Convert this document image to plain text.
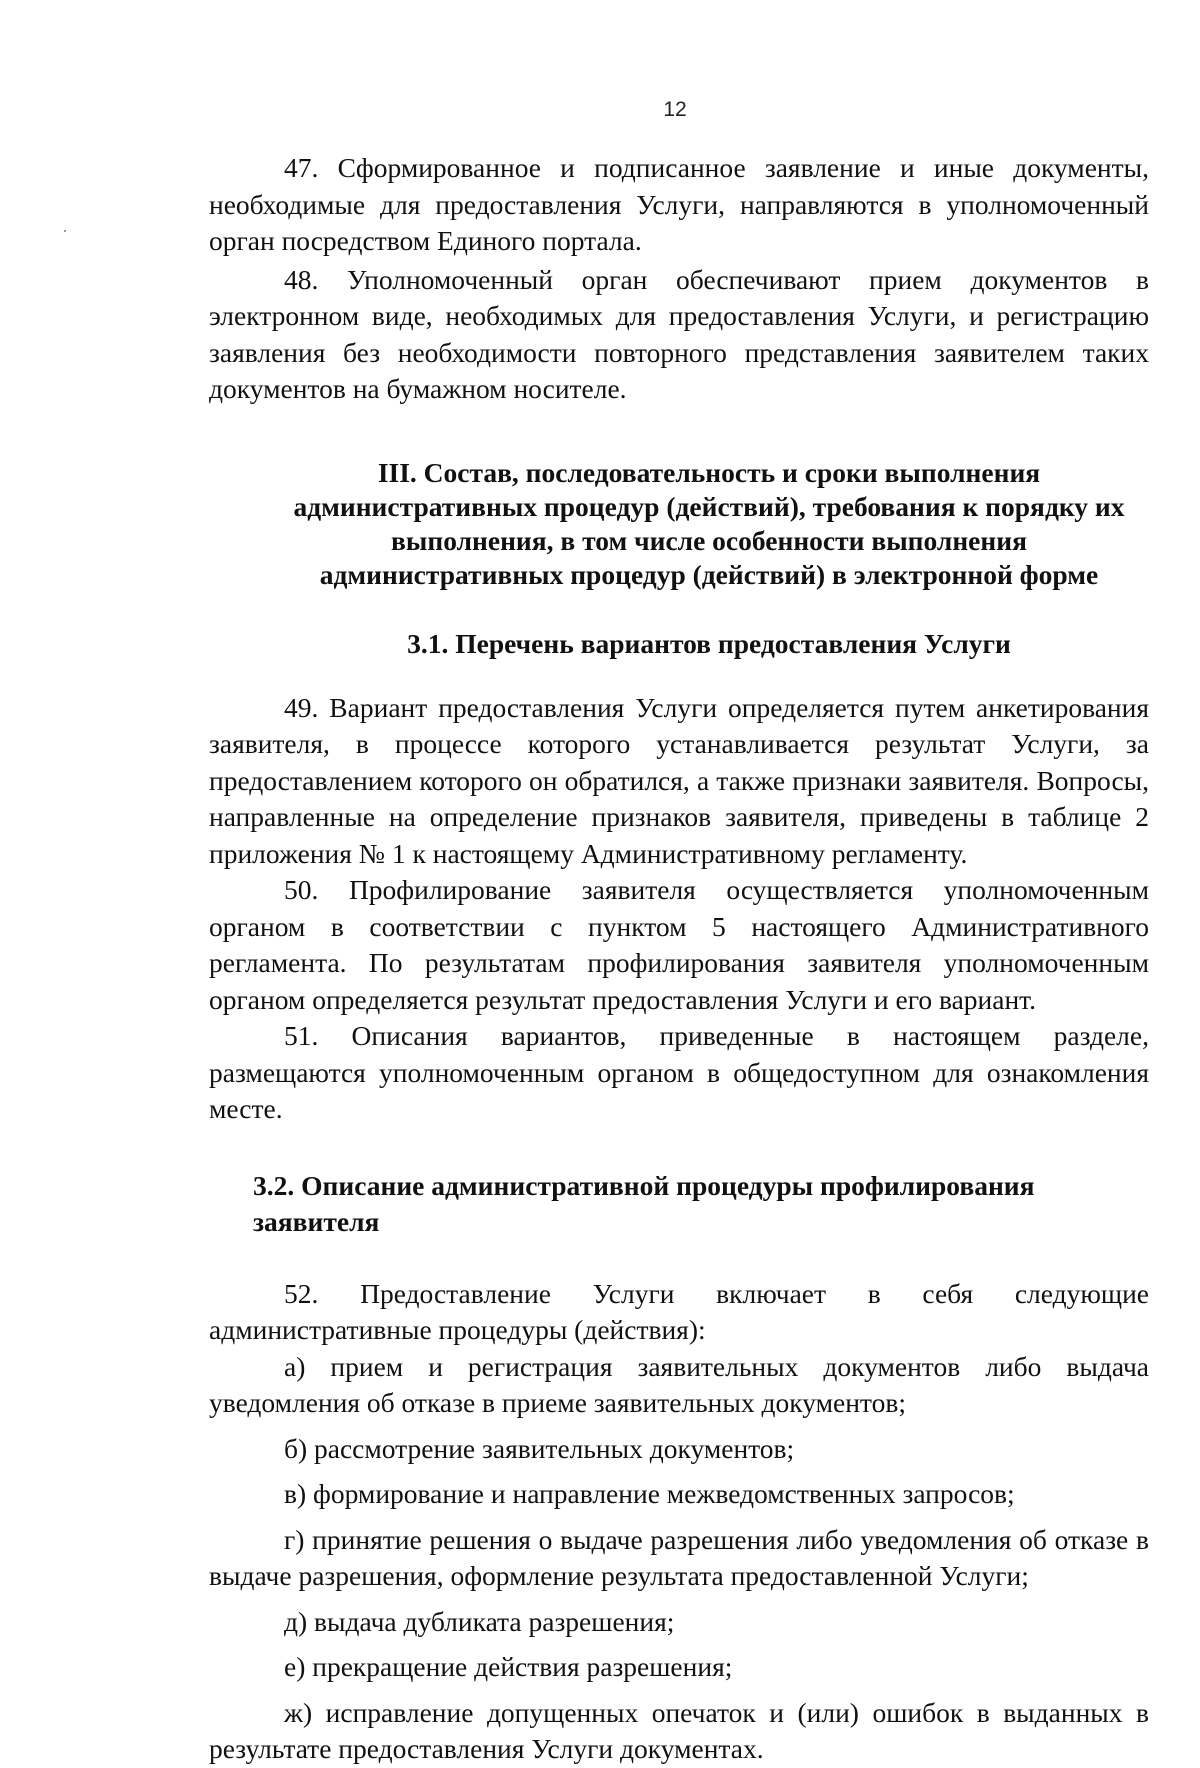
12

47. Сформированное и подписанное заявление и иные документы, необходимые для предоставления Услуги, направляются в уполномоченный орган посредством Единого портала.

48. Уполномоченный орган обеспечивают прием документов в электронном виде, необходимых для предоставления Услуги, и регистрацию заявления без необходимости повторного представления заявителем таких документов на бумажном носителе.

III. Состав, последовательность и сроки выполнения административных процедур (действий), требования к порядку их выполнения, в том числе особенности выполнения административных процедур (действий) в электронной форме
3.1. Перечень вариантов предоставления Услуги

49. Вариант предоставления Услуги определяется путем анкетирования заявителя, в процессе которого устанавливается результат Услуги, за предоставлением которого он обратился, а также признаки заявителя. Вопросы, направленные на определение признаков заявителя, приведены в таблице 2 приложения № 1 к настоящему Административному регламенту.

50. Профилирование заявителя осуществляется уполномоченным органом в соответствии с пунктом 5 настоящего Административного регламента. По результатам профилирования заявителя уполномоченным органом определяется результат предоставления Услуги и его вариант.

51. Описания вариантов, приведенные в настоящем разделе, размещаются уполномоченным органом в общедоступном для ознакомления месте.

3.2. Описание административной процедуры профилирования заявителя

52. Предоставление Услуги включает в себя следующие административные процедуры (действия):

а) прием и регистрация заявительных документов либо выдача уведомления об отказе в приеме заявительных документов;

б) рассмотрение заявительных документов;

в) формирование и направление межведомственных запросов;

г) принятие решения о выдаче разрешения либо уведомления об отказе в выдаче разрешения, оформление результата предоставленной Услуги;

д) выдача дубликата разрешения;

е) прекращение действия разрешения;

ж) исправление допущенных опечаток и (или) ошибок в выданных в результате предоставления Услуги документах.
